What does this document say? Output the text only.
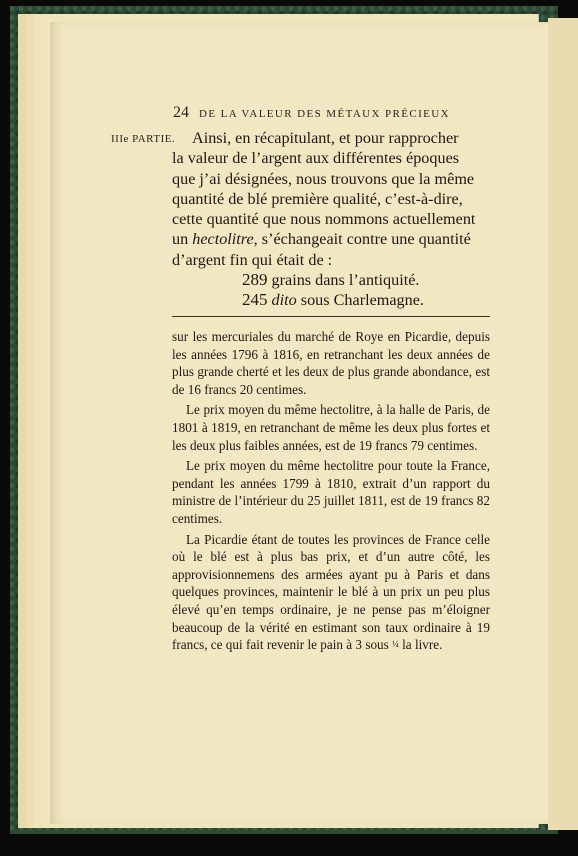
24 DE LA VALEUR DES MÉTAUX PRÉCIEUX
IIIe PARTIE.	Ainsi, en récapitulant, et pour rapprocher

la valeur de l’argent aux différentes époques

que j’ai désignées, nous trouvons que la même

quantité de blé première qualité, c’est-à-dire,

cette quantité que nous nommons actuellement

un hectolitre, s’échangeait contre une quantité

d’argent fin qui était de :

289 grains dans l’antiquité.

245 dito sous Charlemagne.

sur les mercuriales du marché de Roye en Picardie, depuis les années 1796 à 1816, en retranchant les deux années de plus grande cherté et les deux de plus grande abondance, est de 16 francs 20 centimes.

Le prix moyen du même hectolitre, à la halle de Paris, de 1801 à 1819, en retranchant de même les deux plus fortes et les deux plus faibles années, est de 19 francs 79 centimes.

Le prix moyen du même hectolitre pour toute la France, pendant les années 1799 à 1810, extrait d’un rapport du ministre de l’intérieur du 25 juillet 1811, est de 19 francs 82 centimes.

La Picardie étant de toutes les provinces de France celle où le blé est à plus bas prix, et d’un autre côté, les approvisionnemens des armées ayant pu à Paris et dans quelques provinces, maintenir le blé à un prix un peu plus élevé qu’en temps ordinaire, je ne pense pas m’éloigner beaucoup de la vérité en estimant son taux ordinaire à 19 francs, ce qui fait revenir le pain à 3 sous ¼ la livre.
